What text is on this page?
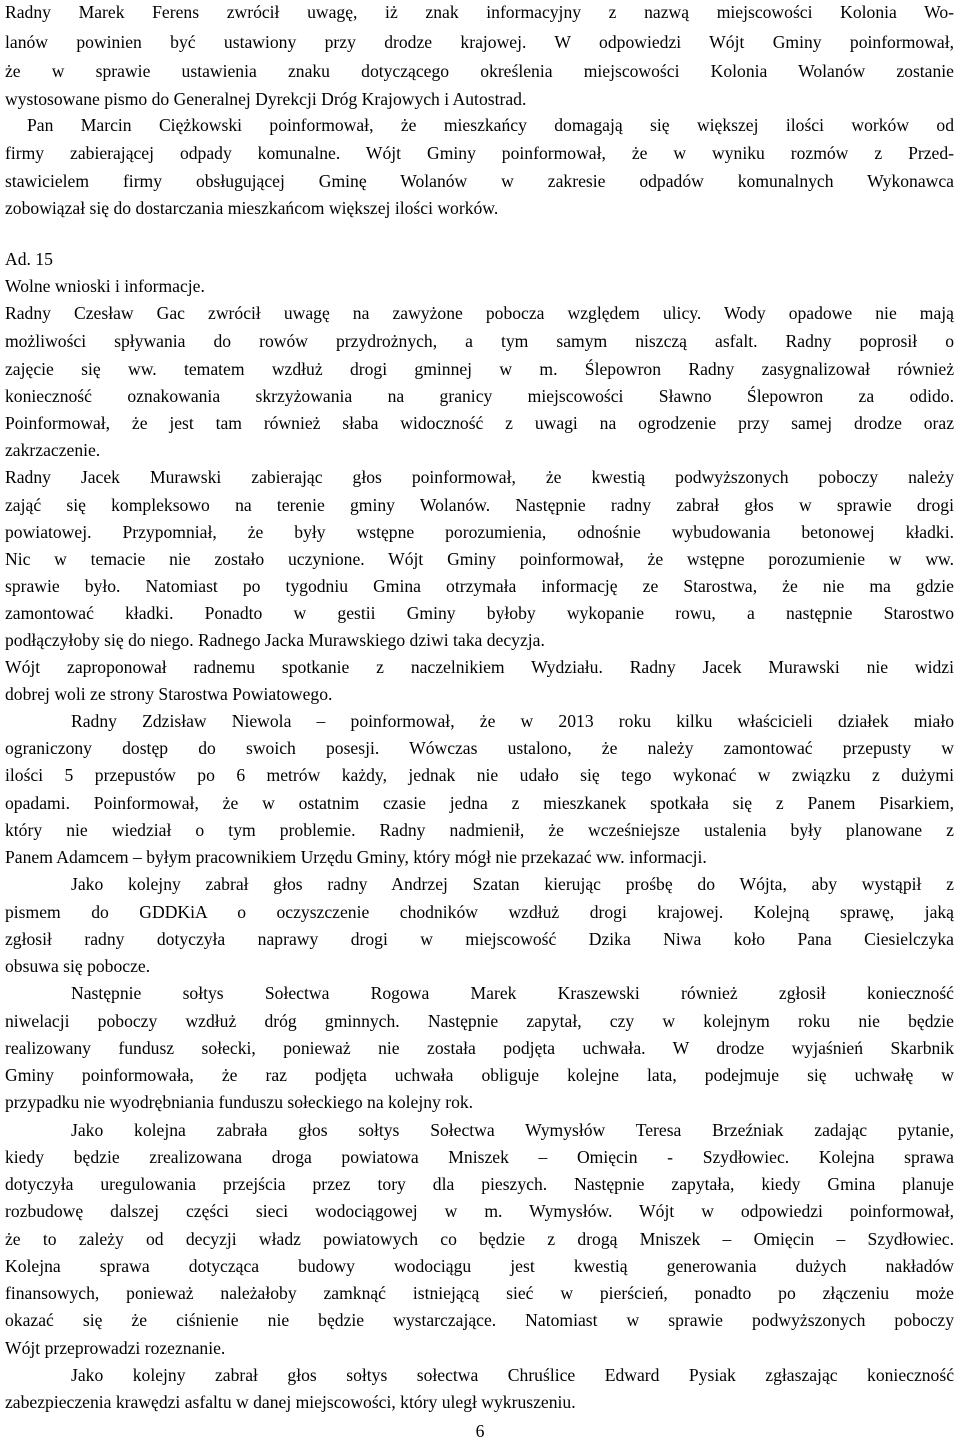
Radny Marek Ferens zwrócił uwagę, iż znak informacyjny z nazwą miejscowości Kolonia Wo-
lanów powinien być ustawiony przy drodze krajowej. W odpowiedzi Wójt Gminy poinformował,
że w sprawie ustawienia znaku dotyczącego określenia miejscowości Kolonia Wolanów zostanie
wystosowane pismo do Generalnej Dyrekcji Dróg Krajowych i Autostrad.
Pan Marcin Ciężkowski poinformował, że mieszkańcy domagają się większej ilości worków od
firmy zabierającej odpady komunalne. Wójt Gminy poinformował, że w wyniku rozmów z Przed-
stawicielem firmy obsługującej Gminę Wolanów w zakresie odpadów komunalnych Wykonawca
zobowiązał się do dostarczania mieszkańcom większej ilości worków.
Ad. 15
Wolne wnioski i informacje.
Radny Czesław Gac zwrócił uwagę na zawyżone pobocza względem ulicy. Wody opadowe nie mają
możliwości spływania do rowów przydrożnych, a tym samym niszczą asfalt. Radny poprosił o
zajęcie się ww. tematem wzdłuż drogi gminnej w m. Ślepowron Radny zasygnalizował również
konieczność oznakowania skrzyżowania na granicy miejscowości Sławno Ślepowron za odido.
Poinformował, że jest tam również słaba widoczność z uwagi na ogrodzenie przy samej drodze oraz
zakrzaczenie.
Radny Jacek Murawski zabierając głos poinformował, że kwestią podwyższonych poboczy należy
zająć się kompleksowo na terenie gminy Wolanów. Następnie radny zabrał głos w sprawie drogi
powiatowej. Przypomniał, że były wstępne porozumienia, odnośnie wybudowania betonowej kładki.
Nic w temacie nie zostało uczynione. Wójt Gminy poinformował, że wstępne porozumienie w ww.
sprawie było. Natomiast po tygodniu Gmina otrzymała informację ze Starostwa, że nie ma gdzie
zamontować kładki. Ponadto w gestii Gminy byłoby wykopanie rowu, a następnie Starostwo
podłączyłoby się do niego. Radnego Jacka Murawskiego dziwi taka decyzja.
Wójt zaproponował radnemu spotkanie z naczelnikiem Wydziału. Radny Jacek Murawski nie widzi
dobrej woli ze strony Starostwa Powiatowego.
Radny Zdzisław Niewola – poinformował, że w 2013 roku kilku właścicieli działek miało
ograniczony dostęp do swoich posesji. Wówczas ustalono, że należy zamontować przepusty w
ilości 5 przepustów po 6 metrów każdy, jednak nie udało się tego wykonać w związku z dużymi
opadami. Poinformował, że w ostatnim czasie jedna z mieszkanek spotkała się z Panem Pisarkiem,
który nie wiedział o tym problemie. Radny nadmienił, że wcześniejsze ustalenia były planowane z
Panem Adamcem – byłym pracownikiem Urzędu Gminy, który mógł nie przekazać ww. informacji.
Jako kolejny zabrał głos radny Andrzej Szatan kierując prośbę do Wójta, aby wystąpił z
pismem do GDDKiA o oczyszczenie chodników wzdłuż drogi krajowej. Kolejną sprawę, jaką
zgłosił radny dotyczyła naprawy drogi w miejscowość Dzika Niwa koło Pana Ciesielczyka
obsuwa się pobocze.
Następnie sołtys Sołectwa Rogowa Marek Kraszewski również zgłosił konieczność
niwelacji poboczy wzdłuż dróg gminnych. Następnie zapytał, czy w kolejnym roku nie będzie
realizowany fundusz sołecki, ponieważ nie została podjęta uchwała. W drodze wyjaśnień Skarbnik
Gminy poinformowała, że raz podjęta uchwała obliguje kolejne lata, podejmuje się uchwałę w
przypadku nie wyodrębniania funduszu sołeckiego na kolejny rok.
Jako kolejna zabrała głos sołtys Sołectwa Wymysłów Teresa Brzeźniak zadając pytanie,
kiedy będzie zrealizowana droga powiatowa Mniszek – Omięcin - Szydłowiec. Kolejna sprawa
dotyczyła uregulowania przejścia przez tory dla pieszych. Następnie zapytała, kiedy Gmina planuje
rozbudowę dalszej części sieci wodociągowej w m. Wymysłów. Wójt w odpowiedzi poinformował,
że to zależy od decyzji władz powiatowych co będzie z drogą Mniszek – Omięcin – Szydłowiec.
Kolejna sprawa dotycząca budowy wodociągu jest kwestią generowania dużych nakładów
finansowych, ponieważ należałoby zamknąć istniejącą sieć w pierścień, ponadto po złączeniu może
okazać się że ciśnienie nie będzie wystarczające. Natomiast w sprawie podwyższonych poboczy
Wójt przeprowadzi rozeznanie.
Jako kolejny zabrał głos sołtys sołectwa Chruślice Edward Pysiak zgłaszając konieczność
zabezpieczenia krawędzi asfaltu w danej miejscowości, który uległ wykruszeniu.
6
